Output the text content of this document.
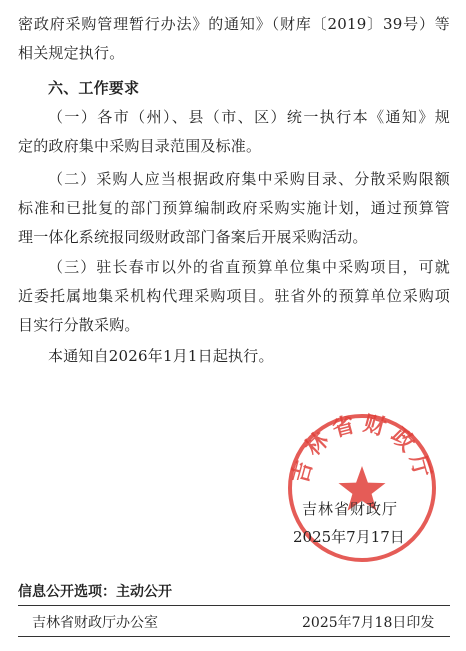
密政府采购管理暂行办法》的通知》（财库〔2019〕39号）等
相关规定执行。
六、工作要求
（一）各市（州）、县（市、区）统一执行本《通知》规
定的政府集中采购目录范围及标准。
（二）采购人应当根据政府集中采购目录、分散采购限额
标准和已批复的部门预算编制政府采购实施计划，通过预算管
理一体化系统报同级财政部门备案后开展采购活动。
（三）驻长春市以外的省直预算单位集中采购项目，可就
近委托属地集采机构代理采购项目。驻省外的预算单位采购项
目实行分散采购。
本通知自2026年1月1日起执行。
吉林省财政厅
吉林省财政厅
2025年7月17日
信息公开选项：主动公开
吉林省财政厅办公室	2025年7月18日印发
